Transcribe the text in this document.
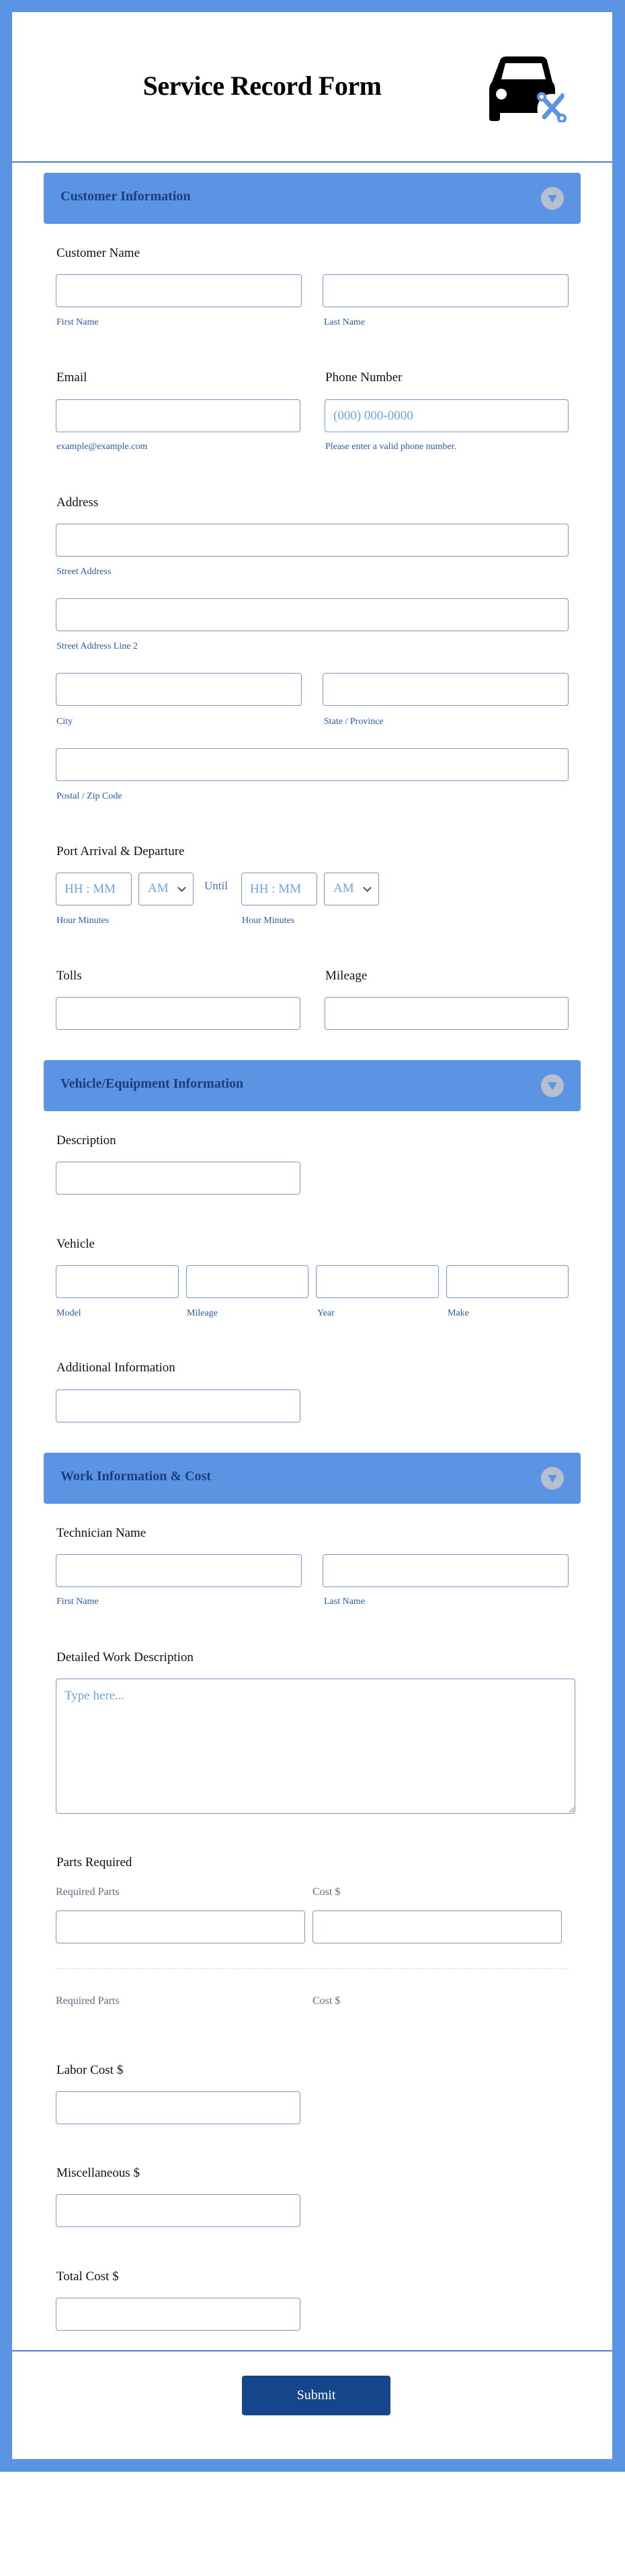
Service Record Form
Customer Information
Customer Name
First Name	Last Name
Email	Phone Number
(000) 000-0000
example@example.com	Please enter a valid phone number.
Address
Street Address
Street Address Line 2
City	State / Province
Postal / Zip Code
Port Arrival & Departure
HH : MM
AM	Until
HH : MM	AM
Hour Minutes	Hour Minutes
Tolls	Mileage
Vehicle/Equipment Information
Description
Vehicle
Model	Mileage	Year	Make
Additional Information
Work Information & Cost
Technician Name
First Name	Last Name
Detailed Work Description
Type here...
Parts Required
Required Parts	Cost $
Required Parts	Cost $
Labor Cost $
Miscellaneous $
Total Cost $
Submit
